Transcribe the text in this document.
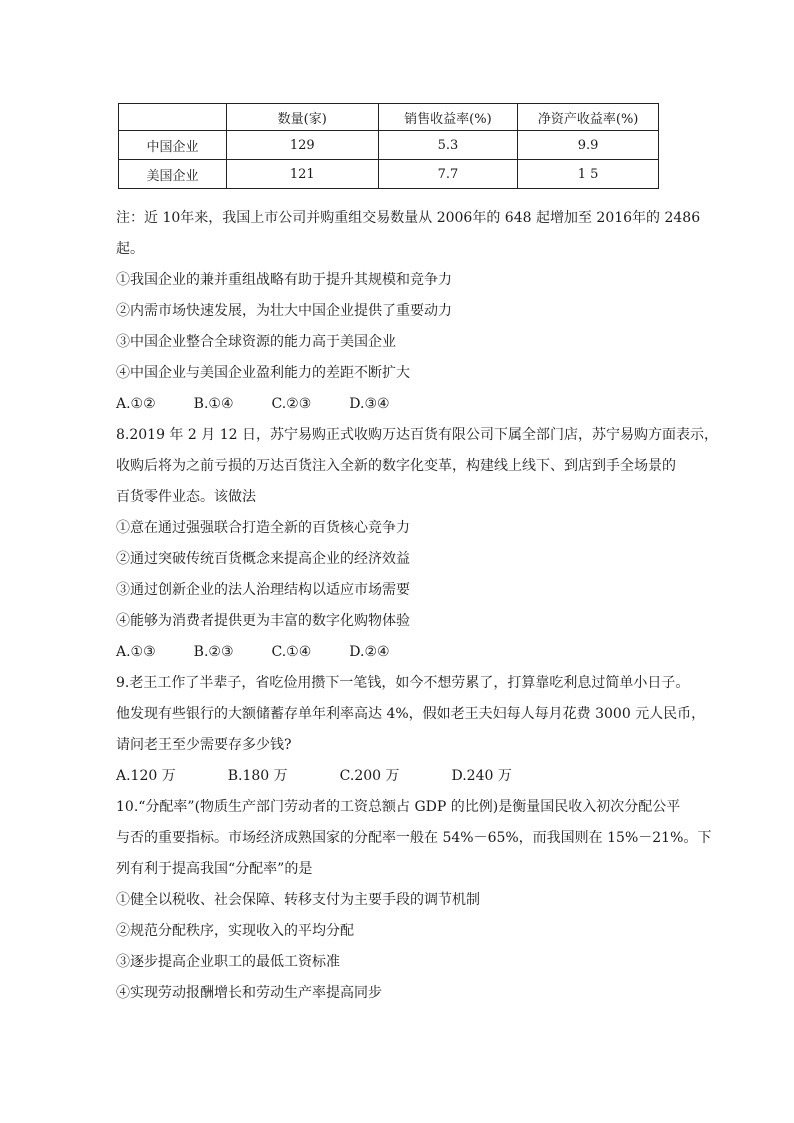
	数量(家)	销售收益率(%)	净资产收益率(%)
中国企业	129	5.3	9.9
美国企业	121	7.7	1 5
注：近 10年来，我国上市公司并购重组交易数量从 2006年的 648 起增加至 2016年的 2486
起。
①我国企业的兼并重组战略有助于提升其规模和竞争力
②内需市场快速发展，为壮大中国企业提供了重要动力
③中国企业整合全球资源的能力高于美国企业
④中国企业与美国企业盈利能力的差距不断扩大
A.①②	B.①④	C.②③	D.③④
8.2019 年 2 月 12 日，苏宁易购正式收购万达百货有限公司下属全部门店，苏宁易购方面表示，
收购后将为之前亏损的万达百货注入全新的数字化变革，构建线上线下、到店到手全场景的
百货零件业态。该做法
①意在通过强强联合打造全新的百货核心竞争力
②通过突破传统百货概念来提高企业的经济效益
③通过创新企业的法人治理结构以适应市场需要
④能够为消费者提供更为丰富的数字化购物体验
A.①③	B.②③	C.①④	D.②④
9.老王工作了半辈子，省吃俭用攒下一笔钱，如今不想劳累了，打算靠吃利息过简单小日子。
他发现有些银行的大额储蓄存单年利率高达 4%，假如老王夫妇每人每月花费 3000 元人民币，
请问老王至少需要存多少钱?
A.120 万	B.180 万	C.200 万	D.240 万
10.“分配率”(物质生产部门劳动者的工资总额占 GDP 的比例)是衡量国民收入初次分配公平
与否的重要指标。市场经济成熟国家的分配率一般在 54%－65%，而我国则在 15%－21%。下
列有利于提高我国“分配率”的是
①健全以税收、社会保障、转移支付为主要手段的调节机制
②规范分配秩序，实现收入的平均分配
③逐步提高企业职工的最低工资标准
④实现劳动报酬增长和劳动生产率提高同步
